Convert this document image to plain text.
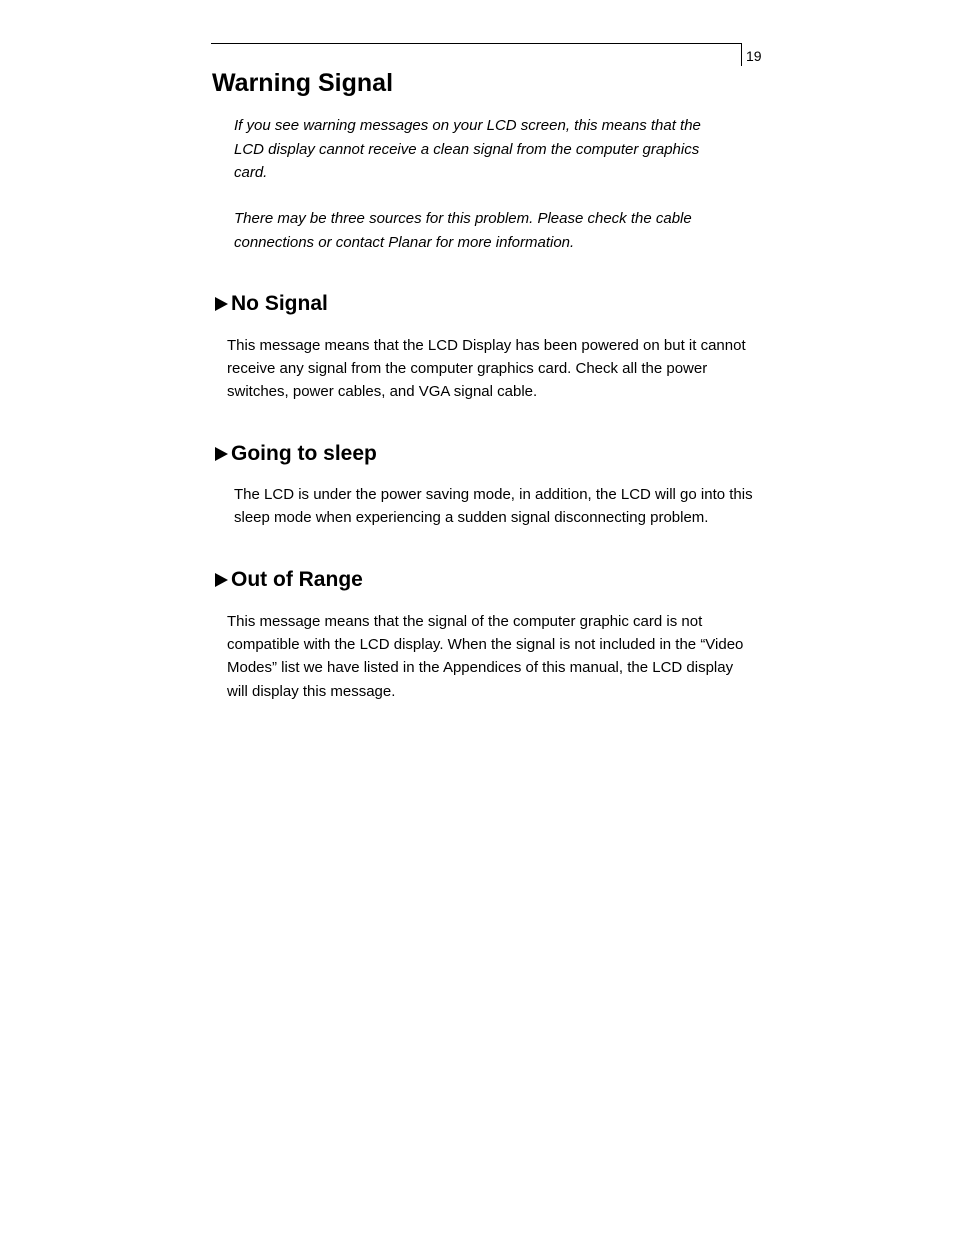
19
Warning Signal

If you see warning messages on your LCD screen, this means that the LCD display cannot receive a clean signal from the computer graphics card.

There may be three sources for this problem. Please check the cable connections or contact Planar for more information.

No Signal

This message means that the LCD Display has been powered on but it cannot receive any signal from the computer graphics card. Check all the power switches, power cables, and VGA signal cable.

Going to sleep

The LCD is under the power saving mode, in addition, the LCD will go into this sleep mode when experiencing a sudden signal disconnecting problem.

Out of Range

This message means that the signal of the computer graphic card is not compatible with the LCD display. When the signal is not included in the “Video Modes” list we have listed in the Appendices of this manual, the LCD display will display this message.
